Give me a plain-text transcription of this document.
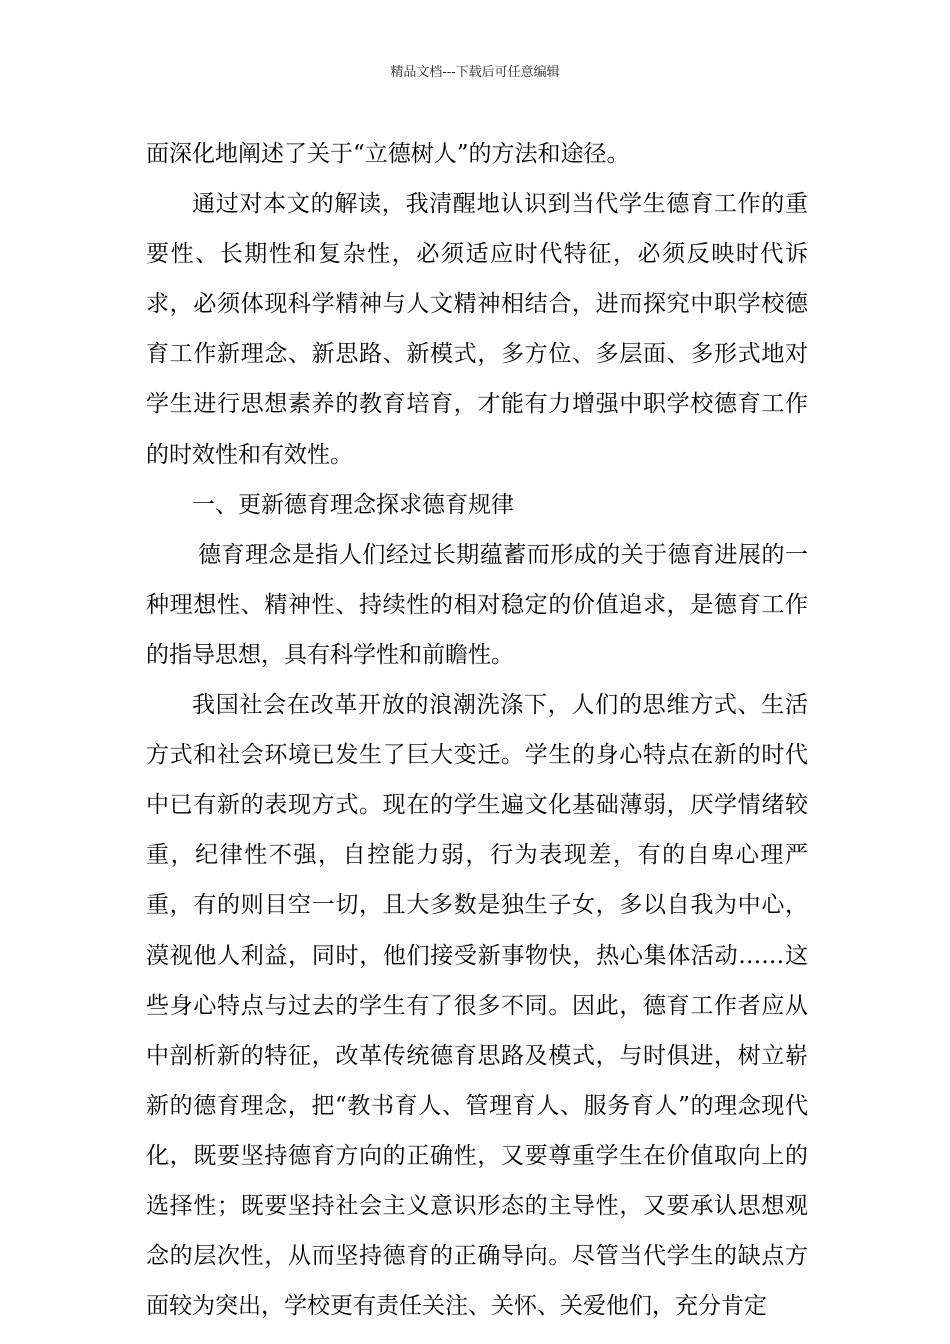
精品文档---下载后可任意编辑

面深化地阐述了关于“立德树人”的方法和途径。

通过对本文的解读，我清醒地认识到当代学生德育工作的重要性、长期性和复杂性，必须适应时代特征，必须反映时代诉求，必须体现科学精神与人文精神相结合，进而探究中职学校德育工作新理念、新思路、新模式，多方位、多层面、多形式地对学生进行思想素养的教育培育，才能有力增强中职学校德育工作的时效性和有效性。

一、更新德育理念探求德育规律

德育理念是指人们经过长期蕴蓄而形成的关于德育进展的一种理想性、精神性、持续性的相对稳定的价值追求，是德育工作的指导思想，具有科学性和前瞻性。

我国社会在改革开放的浪潮洗涤下，人们的思维方式、生活方式和社会环境已发生了巨大变迁。学生的身心特点在新的时代中已有新的表现方式。现在的学生遍文化基础薄弱，厌学情绪较重，纪律性不强，自控能力弱，行为表现差，有的自卑心理严重，有的则目空一切，且大多数是独生子女，多以自我为中心，漠视他人利益，同时，他们接受新事物快，热心集体活动……这些身心特点与过去的学生有了很多不同。因此，德育工作者应从中剖析新的特征，改革传统德育思路及模式，与时俱进，树立崭新的德育理念，把“教书育人、管理育人、服务育人”的理念现代化，既要坚持德育方向的正确性，又要尊重学生在价值取向上的选择性；既要坚持社会主义意识形态的主导性，又要承认思想观念的层次性，从而坚持德育的正确导向。尽管当代学生的缺点方面较为突出，学校更有责任关注、关怀、关爱他们，充分肯定
